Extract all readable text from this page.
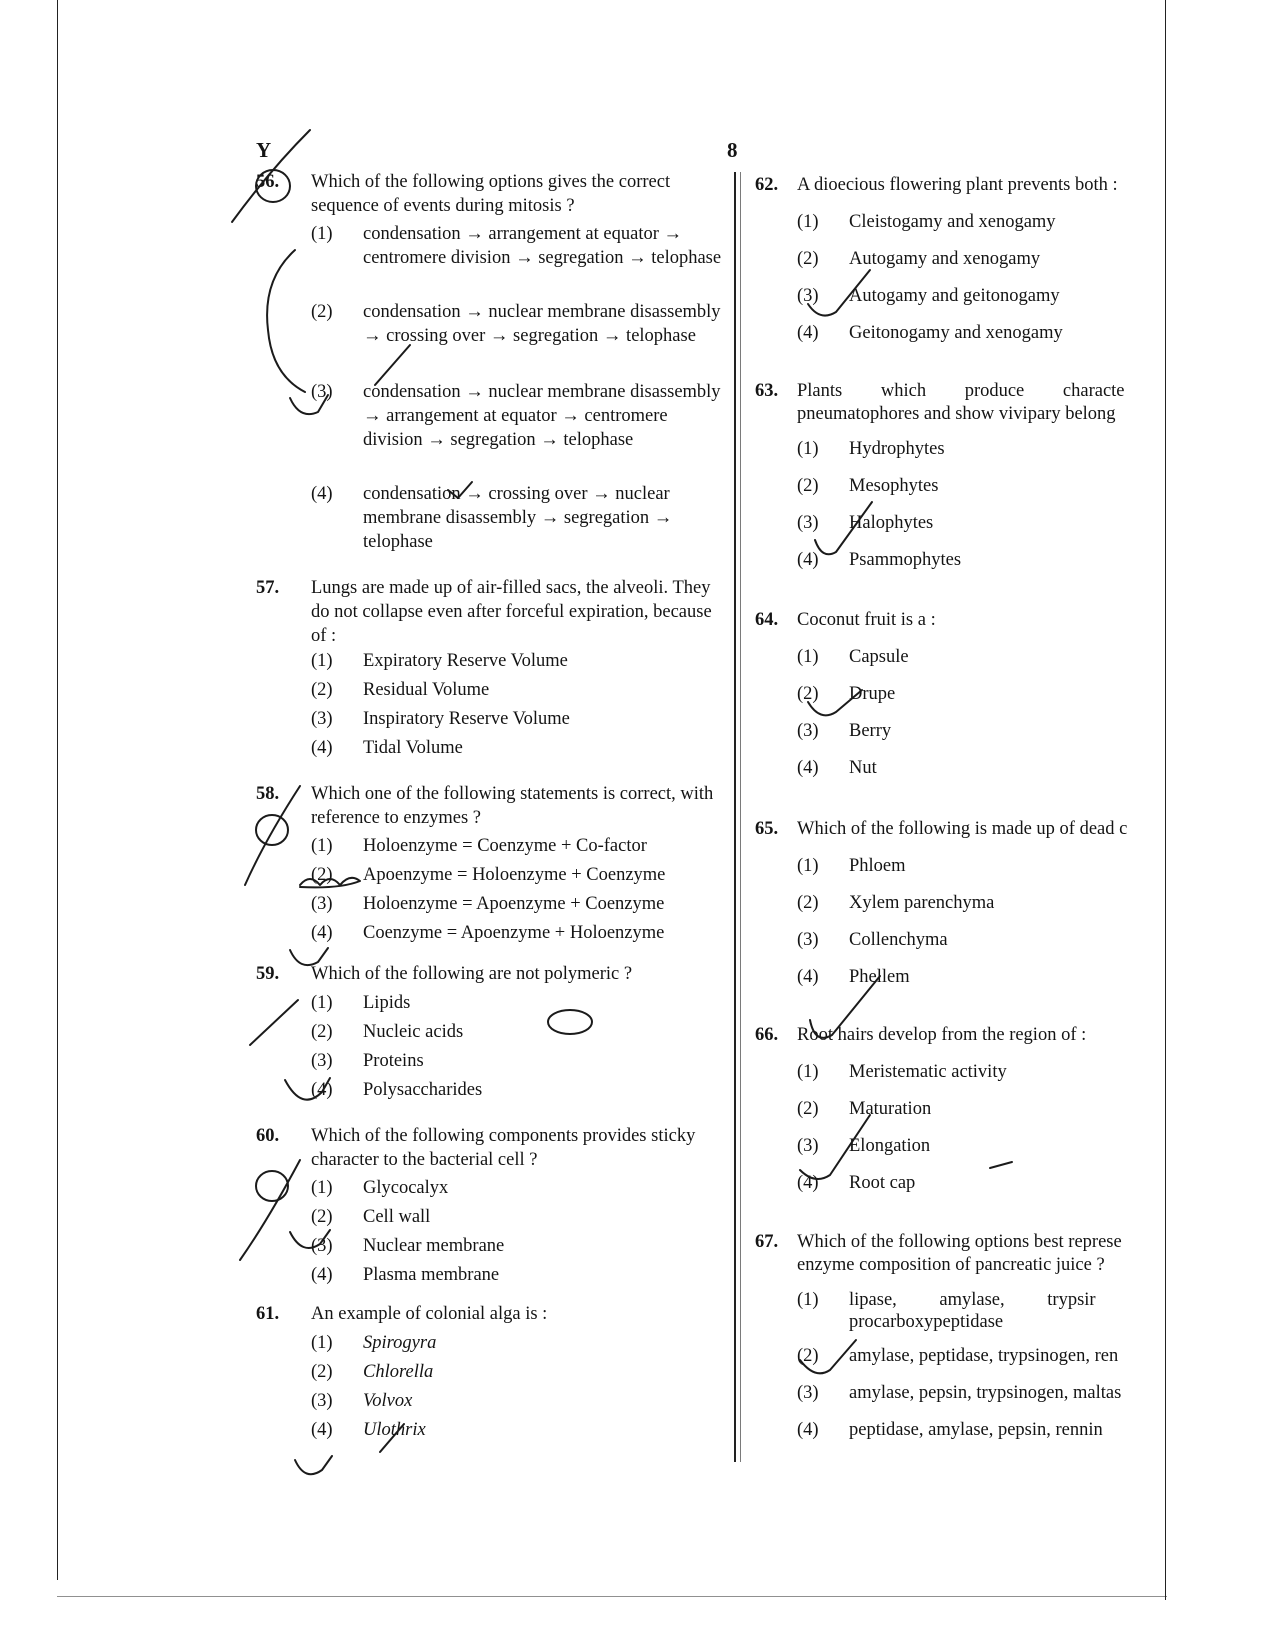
Y	8
56. Which of the following options gives the correct sequence of events during mitosis ?
(1) condensation → arrangement at equator → centromere division → segregation → telophase
(2) condensation → nuclear membrane disassembly → crossing over → segregation → telophase
(3) condensation → nuclear membrane disassembly → arrangement at equator → centromere division → segregation → telophase
(4) condensation → crossing over → nuclear membrane disassembly → segregation → telophase
57. Lungs are made up of air-filled sacs, the alveoli. They do not collapse even after forceful expiration, because of :
(1) Expiratory Reserve Volume
(2) Residual Volume
(3) Inspiratory Reserve Volume
(4) Tidal Volume
58. Which one of the following statements is correct, with reference to enzymes ?
(1) Holoenzyme = Coenzyme + Co-factor
(2) Apoenzyme = Holoenzyme + Coenzyme
(3) Holoenzyme = Apoenzyme + Coenzyme
(4) Coenzyme = Apoenzyme + Holoenzyme
59. Which of the following are not polymeric ?
(1) Lipids
(2) Nucleic acids
(3) Proteins
(4) Polysaccharides
60. Which of the following components provides sticky character to the bacterial cell ?
(1) Glycocalyx
(2) Cell wall
(3) Nuclear membrane
(4) Plasma membrane
61. An example of colonial alga is :
(1) Spirogyra
(2) Chlorella
(3) Volvox
(4) Ulothrix
62. A dioecious flowering plant prevents both :
(1) Cleistogamy and xenogamy
(2) Autogamy and xenogamy
(3) Autogamy and geitonogamy
(4) Geitonogamy and xenogamy
63. Plants which produce characte
pneumatophores and show vivipary belong
(1) Hydrophytes
(2) Mesophytes
(3) Halophytes
(4) Psammophytes
64. Coconut fruit is a :
(1) Capsule
(2) Drupe
(3) Berry
(4) Nut
65. Which of the following is made up of dead c
(1) Phloem
(2) Xylem parenchyma
(3) Collenchyma
(4) Phellem
66. Root hairs develop from the region of :
(1) Meristematic activity
(2) Maturation
(3) Elongation
(4) Root cap
67. Which of the following options best represe
enzyme composition of pancreatic juice ?
(1) lipase, amylase, trypsir
procarboxypeptidase
(2) amylase, peptidase, trypsinogen, ren
(3) amylase, pepsin, trypsinogen, maltas
(4) peptidase, amylase, pepsin, rennin
